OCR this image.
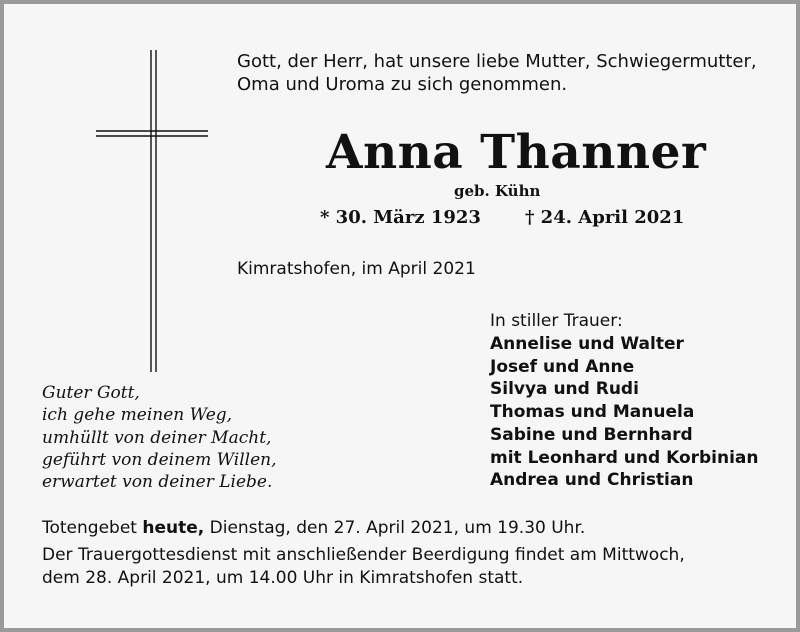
Gott, der Herr, hat unsere liebe Mutter, Schwiegermutter,
Oma und Uroma zu sich genommen.
Anna Thanner
geb. Kühn
* 30. März 1923 † 24. April 2021
Kimratshofen, im April 2021
In stiller Trauer:
Annelise und Walter
Josef und Anne
Silvya und Rudi
Thomas und Manuela
Sabine und Bernhard
mit Leonhard und Korbinian
Andrea und Christian
Guter Gott,
ich gehe meinen Weg,
umhüllt von deiner Macht,
geführt von deinem Willen,
erwartet von deiner Liebe.
Totengebet heute, Dienstag, den 27. April 2021, um 19.30 Uhr.
Der Trauergottesdienst mit anschließender Beerdigung findet am Mittwoch,
dem 28. April 2021, um 14.00 Uhr in Kimratshofen statt.
